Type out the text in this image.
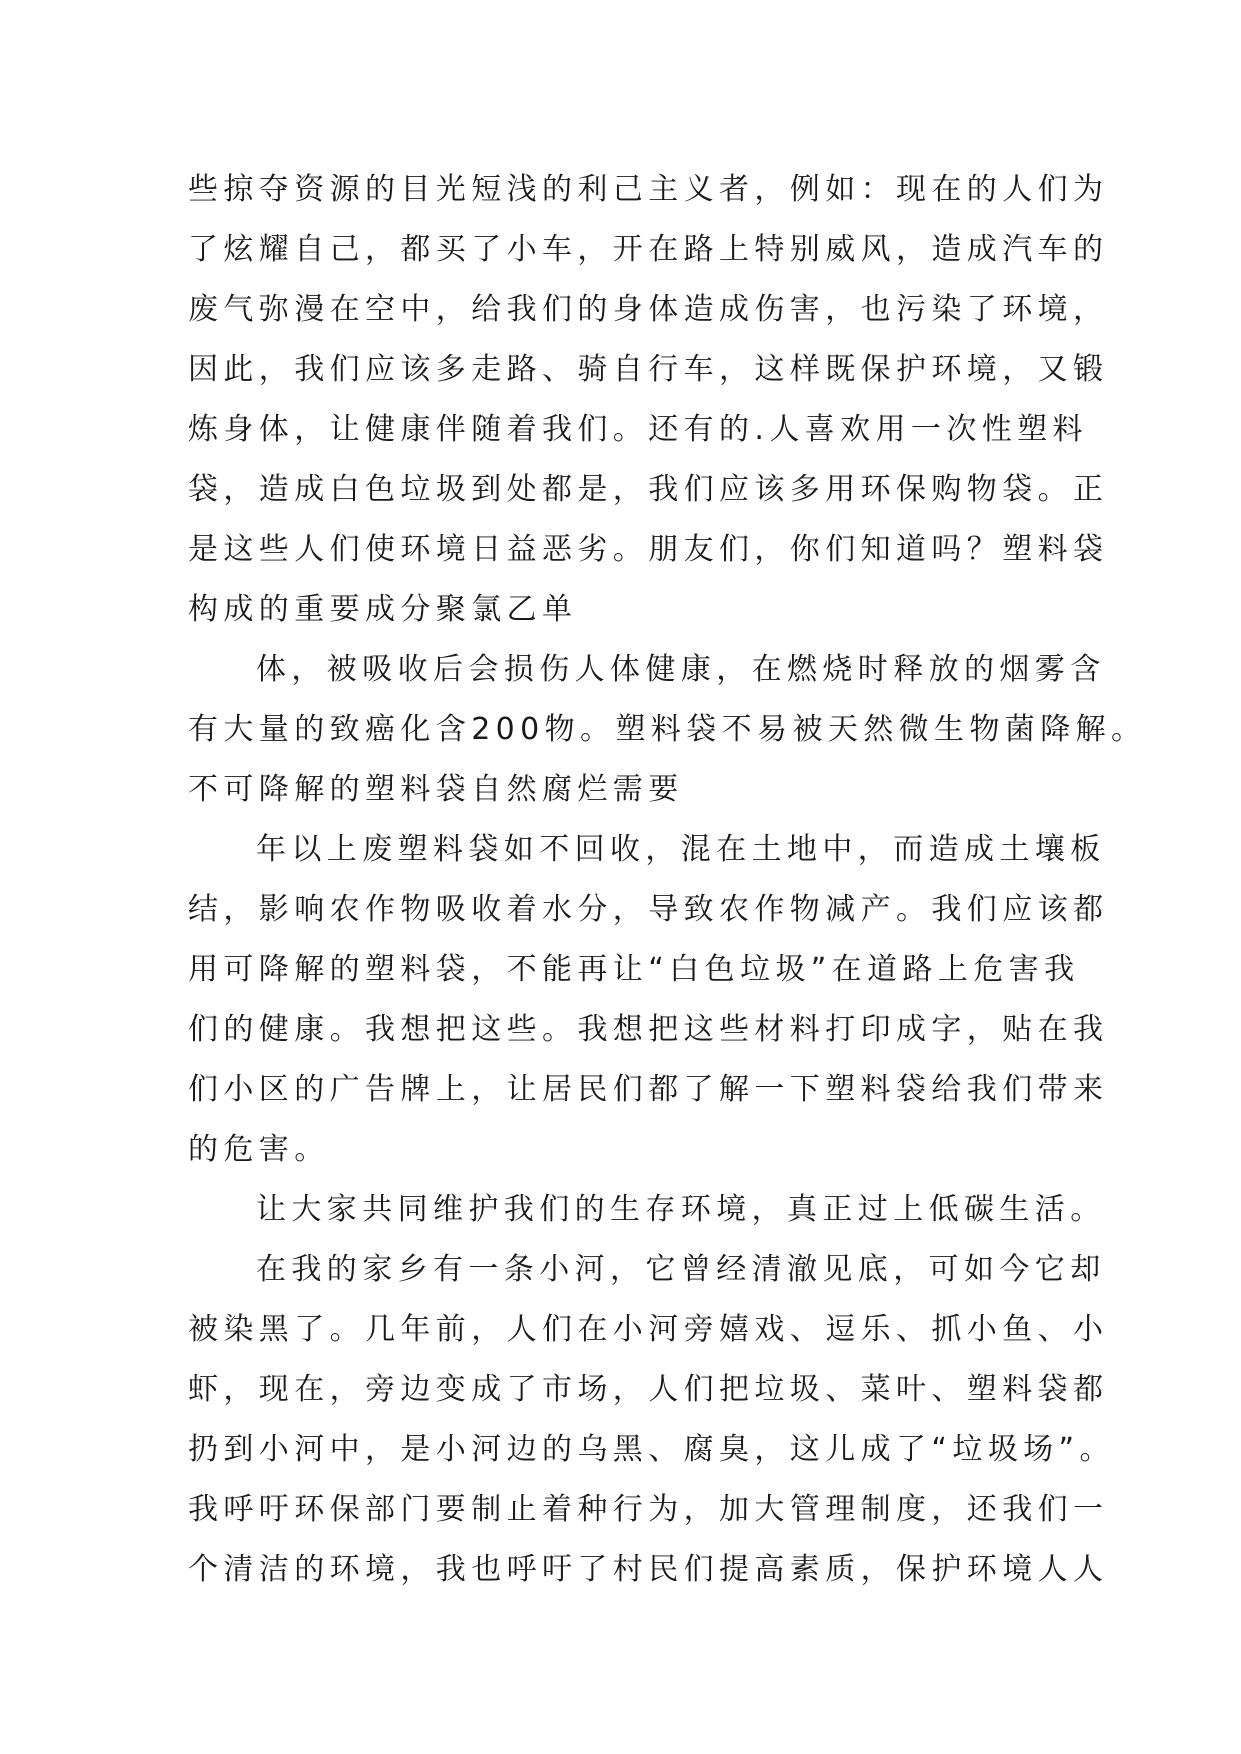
些掠夺资源的目光短浅的利己主义者，例如：现在的人们为
了炫耀自己，都买了小车，开在路上特别威风，造成汽车的
废气弥漫在空中，给我们的身体造成伤害，也污染了环境，
因此，我们应该多走路、骑自行车，这样既保护环境，又锻
炼身体，让健康伴随着我们。还有的.人喜欢用一次性塑料
袋，造成白色垃圾到处都是，我们应该多用环保购物袋。正
是这些人们使环境日益恶劣。朋友们，你们知道吗？塑料袋
构成的重要成分聚氯乙单
体，被吸收后会损伤人体健康，在燃烧时释放的烟雾含
有大量的致癌化含200物。塑料袋不易被天然微生物菌降解。
不可降解的塑料袋自然腐烂需要
年以上废塑料袋如不回收，混在土地中，而造成土壤板
结，影响农作物吸收着水分，导致农作物减产。我们应该都
用可降解的塑料袋，不能再让“白色垃圾”在道路上危害我
们的健康。我想把这些。我想把这些材料打印成字，贴在我
们小区的广告牌上，让居民们都了解一下塑料袋给我们带来
的危害。
让大家共同维护我们的生存环境，真正过上低碳生活。
在我的家乡有一条小河，它曾经清澈见底，可如今它却
被染黑了。几年前，人们在小河旁嬉戏、逗乐、抓小鱼、小
虾，现在，旁边变成了市场，人们把垃圾、菜叶、塑料袋都
扔到小河中，是小河边的乌黑、腐臭，这儿成了“垃圾场”。
我呼吁环保部门要制止着种行为，加大管理制度，还我们一
个清洁的环境，我也呼吁了村民们提高素质，保护环境人人
